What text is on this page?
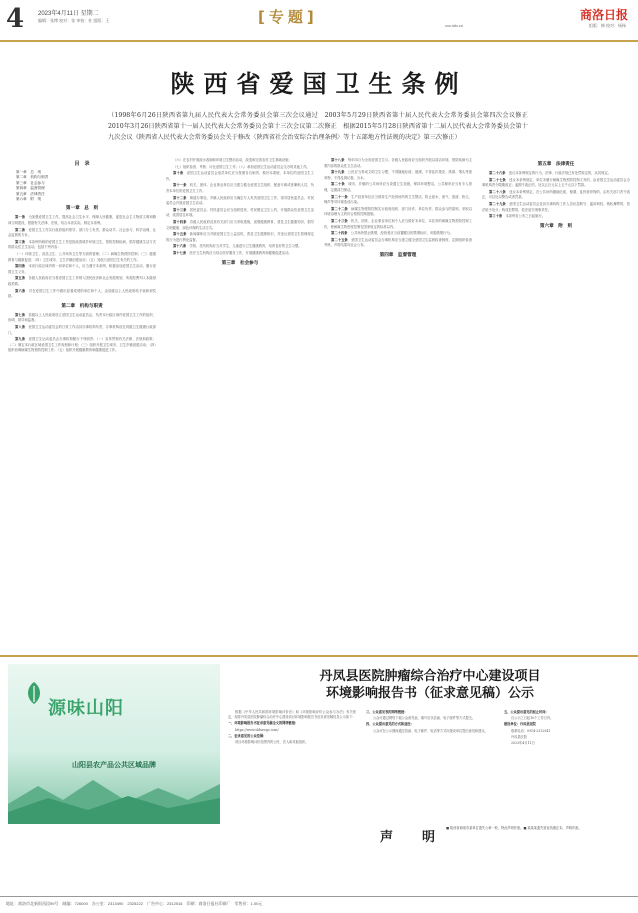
4 2023年4月11日 星期二
编辑：张博 校对：张 审校：杜 组版：王	[专题]	xxx.sltv.cn	组版：韩 校对：杨杨
商洛日报
陕西省爱国卫生条例
（1998年6月26日陕西省第九届人民代表大会常务委员会第三次会议通过　2003年5月29日陕西省第十届人民代表大会常务委员会第四次会议修正　2010年3月26日陕西省第十一届人民代表大会常务委员会第十三次会议第二次修正　根据2015年5月28日陕西省第十二届人民代表大会常务委员会第十九次会议《陕西省人民代表大会常务委员会关于修改〈陕西省社会治安综合治理条例〉等十五部地方性法规的决定》第三次修正）
目　录
第一章　总　则
第二章　机构与职责
第三章　社会参与
第四章　监督管理
第五章　法律责任
第六章　附　则
第一章　总　则

第一条　 为加强爱国卫生工作，提高社会卫生水平，保障人民健康，促进社会主义物质文明和精神文明建设，根据有关法律、法规，结合本省实际，制定本条例。

第二条　 爱国卫生工作实行政府组织领导、部门分工负责、群众动手、社会参与、科学治理、社会监督的方针。

第三条　 本条例所称的爱国卫生工作是指改善城乡环境卫生，预防控制疾病，倡导健康生活方式的群众性卫生活动，包括下列内容：

（一）环境卫生、食品卫生、公共场所卫生等方面的管理；（二）病媒生物预防控制；（三）健康教育与健康促进；（四）卫生城市、卫生乡镇创建活动；（五）其他与爱国卫生有关的工作。

第四条　 本省行政区域内的一切单位和个人，应当遵守本条例，积极参加爱国卫生活动，履行爱国卫生义务。

第五条　 各级人民政府应当将爱国卫生工作纳入国民经济和社会发展规划，所需经费列入本级财政预算。

第六条　 对在爱国卫生工作中做出显著成绩的单位和个人，由县级以上人民政府给予表彰和奖励。

第二章　机构与职责

第七条　 县级以上人民政府设立爱国卫生运动委员会，负责本行政区域内爱国卫生工作的组织、协调、指导和监督。

第八条　 爱国卫生运动委员会的日常工作由其办事机构负责，办事机构设在同级卫生健康行政部门。

第九条　 爱国卫生运动委员会办事机构履行下列职责：（一）宣传贯彻有关法律、法规和政策；（二）制定本行政区域爱国卫生工作规划和计划；（三）组织开展卫生城市、卫生乡镇创建活动；（四）组织协调病媒生物预防控制工作；（五）组织开展健康教育和健康促进工作。

（六）在农村开展改水改厕和环境卫生整治活动，改造和完善农村卫生基础设施；

（七）组织检查、考核、评比爱国卫生工作；（八）承担爱国卫生运动委员会交办的其他工作。

第十条　 爱国卫生运动委员会成员单位应当按照各自职责，做好本系统、本单位的爱国卫生工作。

第十一条　 机关、团体、企业事业单位应当建立健全爱国卫生组织，配备专职或者兼职人员，负责本单位的爱国卫生工作。

第十二条　 街道办事处、乡镇人民政府应当确定专人负责爱国卫生工作，指导居民委员会、村民委员会开展爱国卫生活动。

第十三条　 居民委员会、村民委员会应当组织居民、村民制定卫生公约，开展群众性爱国卫生活动，改善居住环境。

第十四条　 各级人民政府及其有关部门应当采取措施，加强健康教育，普及卫生健康知识，倡导文明健康、绿色环保的生活方式。

第十五条　 新闻媒体应当开展爱国卫生公益宣传，普及卫生健康知识，对违反爱国卫生管理规定的行为进行舆论监督。

第十六条　 学校、托幼机构应当对学生、儿童进行卫生健康教育，培养良好的卫生习惯。

第十七条　 医疗卫生机构应当结合医疗服务工作，开展健康教育和健康促进活动。

第三章　社会参与

第十八条　 每年四月为全省爱国卫生月。各级人民政府应当组织开展以清洁环境、预防疾病为主要内容的群众性卫生活动。

第十九条　 公民应当养成文明卫生习惯，不得随地吐痰、便溺，不得乱扔果皮、纸屑、烟头等废弃物，不得乱倒垃圾、污水。

第二十条　 城市、乡镇的公共场所应当设置卫生设施，保持环境整洁，公共厕所应当有专人管理，定期清扫保洁。

第二十一条　 生产经营单位应当保持生产经营场所的卫生整洁，防止废水、废气、废渣、粉尘、噪声等对环境造成污染。

第二十二条　 病媒生物预防控制实行政府组织、部门协作、单位负责、群众参与的原则，采取以环境治理为主的综合预防控制措施。

第二十三条　 机关、团体、企业事业单位和个人应当做好本单位、本住所的病媒生物预防控制工作，使病媒生物密度控制在国家规定的标准以内。

第二十四条　 公共场所禁止吸烟，经营者应当设置醒目的禁烟标识，劝阻吸烟行为。

第二十五条　 爱国卫生运动委员会办事机构应当建立健全爱国卫生监督检查制度，定期组织检查考核，并将结果向社会公布。

第四章　监督管理
第五章　法律责任

第二十六条　 违反本条例规定的行为，法律、行政法规已有处罚规定的，从其规定。

第二十七条　 违反本条例规定，单位未履行病媒生物预防控制义务的，由爱国卫生运动委员会办事机构责令限期改正；逾期不改正的，处以五百元以上五千元以下罚款。

第二十八条　 违反本条例规定，在公共场所随地吐痰、便溺，乱扔废弃物的，由有关部门责令改正，可以处以警告或者罚款。

第二十九条　 爱国卫生运动委员会及其办事机构工作人员玩忽职守、滥用职权、徇私舞弊的，依法给予处分；构成犯罪的，依法追究刑事责任。

第三十条　 本条例自公布之日起施行。

第六章　附　则
源味山阳
山阳县农产品公共区域品牌
丹凤县医院肿瘤综合治疗中心建设项目
环境影响报告书（征求意见稿）公示

根据《中华人民共和国环境影响评价法》和《环境影响评价公众参与办法》有关规定，现将丹凤县医院肿瘤综合治疗中心建设项目环境影响报告书征求意见稿信息公示如下：

一、环境影响报告书征求意见稿全文的网络链接：

https://www.sldsswgs.com/

二、征求意见的公众范围：

项目环境影响评价范围内的公民、法人和其他组织。

三、公众意见表的网络链接：

公众可通过网络下载公众意见表，填写后以信函、电子邮件等方式提交。

四、公众提出意见的方式和途径：

公众可在公示期间通过信函、电子邮件、电话等方式向建设单位提出意见和建议。

五、公众提出意见的起止时间：

自公示之日起10个工作日内。

建设单位：丹凤县医院

联系电话：0914-2312541

丹凤县医院

2023年4月11日

声　明
■ 陕西省商洛市某单位遗失公章一枚，特此声明作废。■ 某某某遗失营业执照正本，声明作废。
地址：商洛市北新街西段59号　邮编：726000　办公室：2313490　2325222　广告中心：2312516　印刷：商洛日报社印刷厂　零售价：1.00元
